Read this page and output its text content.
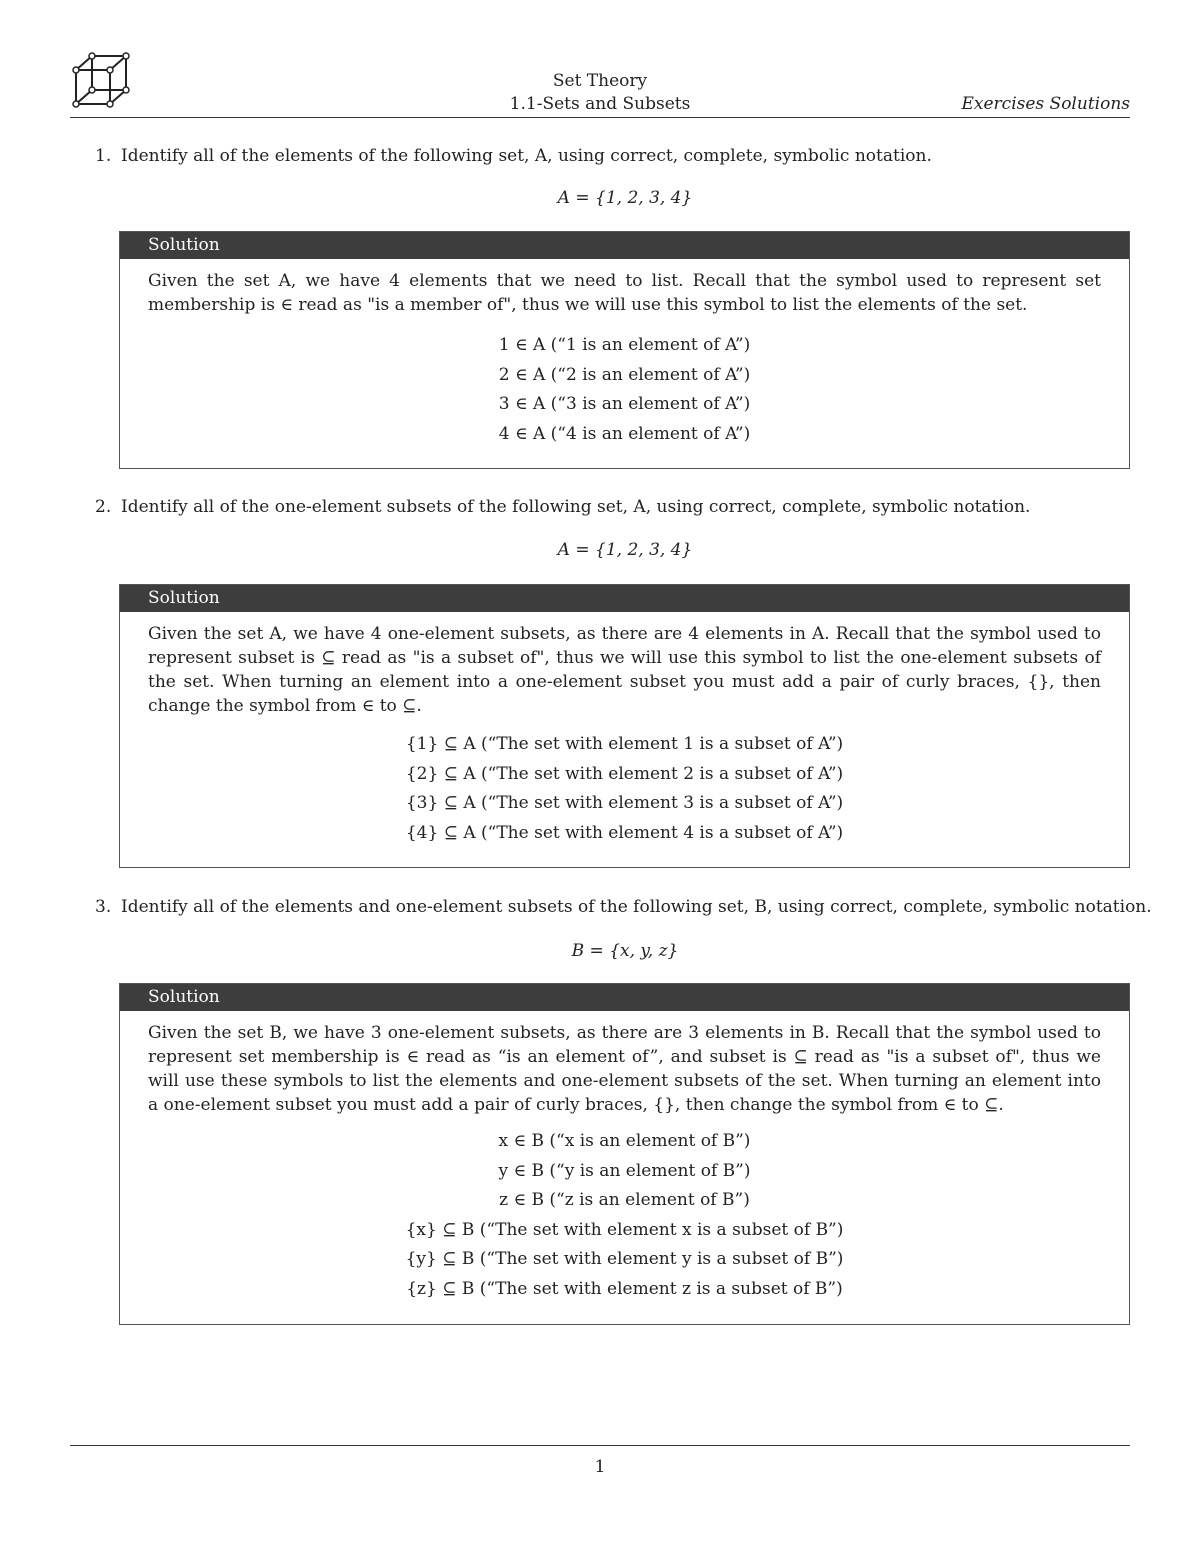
Set Theory
1.1-Sets and Subsets	Exercises Solutions
1. Identify all of the elements of the following set, A, using correct, complete, symbolic notation.
A = {1, 2, 3, 4}
Solution
Given the set A, we have 4 elements that we need to list. Recall that the symbol used to represent set membership is ∈ read as "is a member of", thus we will use this symbol to list the elements of the set.
1 ∈ A (“1 is an element of A”)
2 ∈ A (“2 is an element of A”)
3 ∈ A (“3 is an element of A”)
4 ∈ A (“4 is an element of A”)
2. Identify all of the one-element subsets of the following set, A, using correct, complete, symbolic notation.
A = {1, 2, 3, 4}
Solution
Given the set A, we have 4 one-element subsets, as there are 4 elements in A. Recall that the symbol used to represent subset is ⊆ read as "is a subset of", thus we will use this symbol to list the one-element subsets of the set. When turning an element into a one-element subset you must add a pair of curly braces, {}, then change the symbol from ∈ to ⊆.
{1} ⊆ A (“The set with element 1 is a subset of A”)
{2} ⊆ A (“The set with element 2 is a subset of A”)
{3} ⊆ A (“The set with element 3 is a subset of A”)
{4} ⊆ A (“The set with element 4 is a subset of A”)
3. Identify all of the elements and one-element subsets of the following set, B, using correct, complete, symbolic notation.
B = {x, y, z}
Solution
Given the set B, we have 3 one-element subsets, as there are 3 elements in B. Recall that the symbol used to represent set membership is ∈ read as “is an element of”, and subset is ⊆ read as "is a subset of", thus we will use these symbols to list the elements and one-element subsets of the set. When turning an element into a one-element subset you must add a pair of curly braces, {}, then change the symbol from ∈ to ⊆.
x ∈ B (“x is an element of B”)
y ∈ B (“y is an element of B”)
z ∈ B (“z is an element of B”)
{x} ⊆ B (“The set with element x is a subset of B”)
{y} ⊆ B (“The set with element y is a subset of B”)
{z} ⊆ B (“The set with element z is a subset of B”)
1
